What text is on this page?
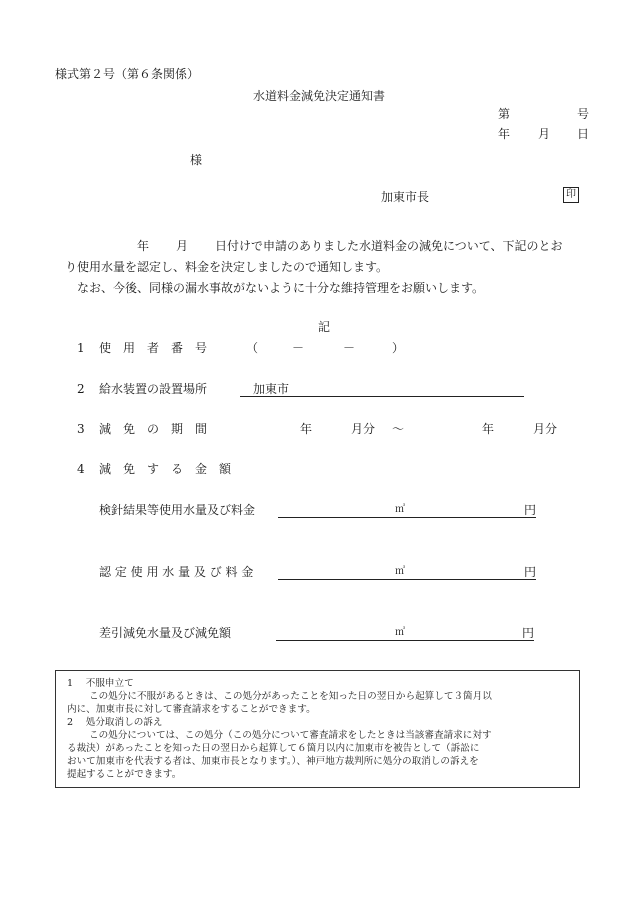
様式第２号（第６条関係）
水道料金減免決定通知書
第	号
年 月 日
様
加東市長	印
年 月 日付けで申請のありました水道料金の減免について、下記のとお
り使用水量を認定し、料金を決定しましたので通知します。
なお、今後、同様の漏水事故がないように十分な維持管理をお願いします。
記
1 使　用　者　番　号	（	－	－	）
2 給水装置の設置場所	加東市
3 減　免　の　期　間	年	月分 ～	年	月分
4 減　免　す　る　金　額
検針結果等使用水量及び料金	㎥	円
認 定 使 用 水 量 及 び 料 金	㎥	円
差引減免水量及び減免額	㎥	円
1　 不服申立て
この処分に不服があるときは、この処分があったことを知った日の翌日から起算して３箇月以
内に、加東市長に対して審査請求をすることができます。
2　 処分取消しの訴え
この処分については、この処分（この処分について審査請求をしたときは当該審査請求に対す
る裁決）があったことを知った日の翌日から起算して６箇月以内に加東市を被告として（訴訟に
おいて加東市を代表する者は、加東市長となります。）、神戸地方裁判所に処分の取消しの訴えを
提起することができます。
